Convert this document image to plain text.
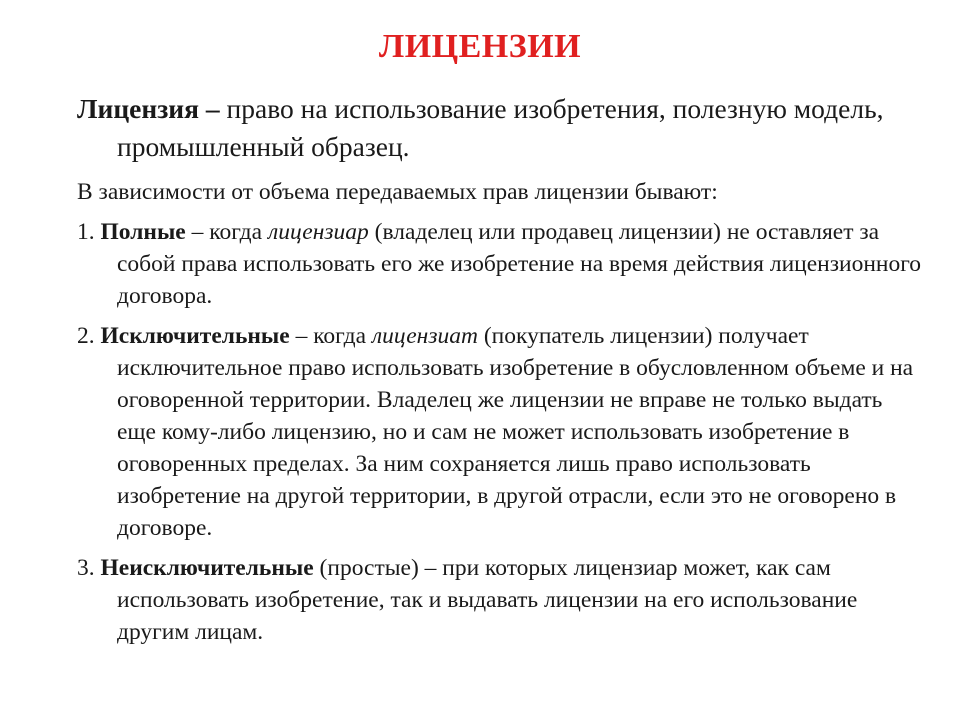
ЛИЦЕНЗИИ

Лицензия – право на использование изобретения, полезную модель, промышленный образец.

В зависимости от объема передаваемых прав лицензии бывают:

1. Полные – когда лицензиар (владелец или продавец лицензии) не оставляет за собой права использовать его же изобретение на время действия лицензионного договора.

2. Исключительные – когда лицензиат (покупатель лицензии) получает исключительное право использовать изобретение в обусловленном объеме и на оговоренной территории. Владелец же лицензии не вправе не только выдать еще кому-либо лицензию, но и сам не может использовать изобретение в оговоренных пределах. За ним сохраняется лишь право использовать изобретение на другой территории, в другой отрасли, если это не оговорено в договоре.

3. Неисключительные (простые) – при которых лицензиар может, как сам использовать изобретение, так и выдавать лицензии на его использование другим лицам.
